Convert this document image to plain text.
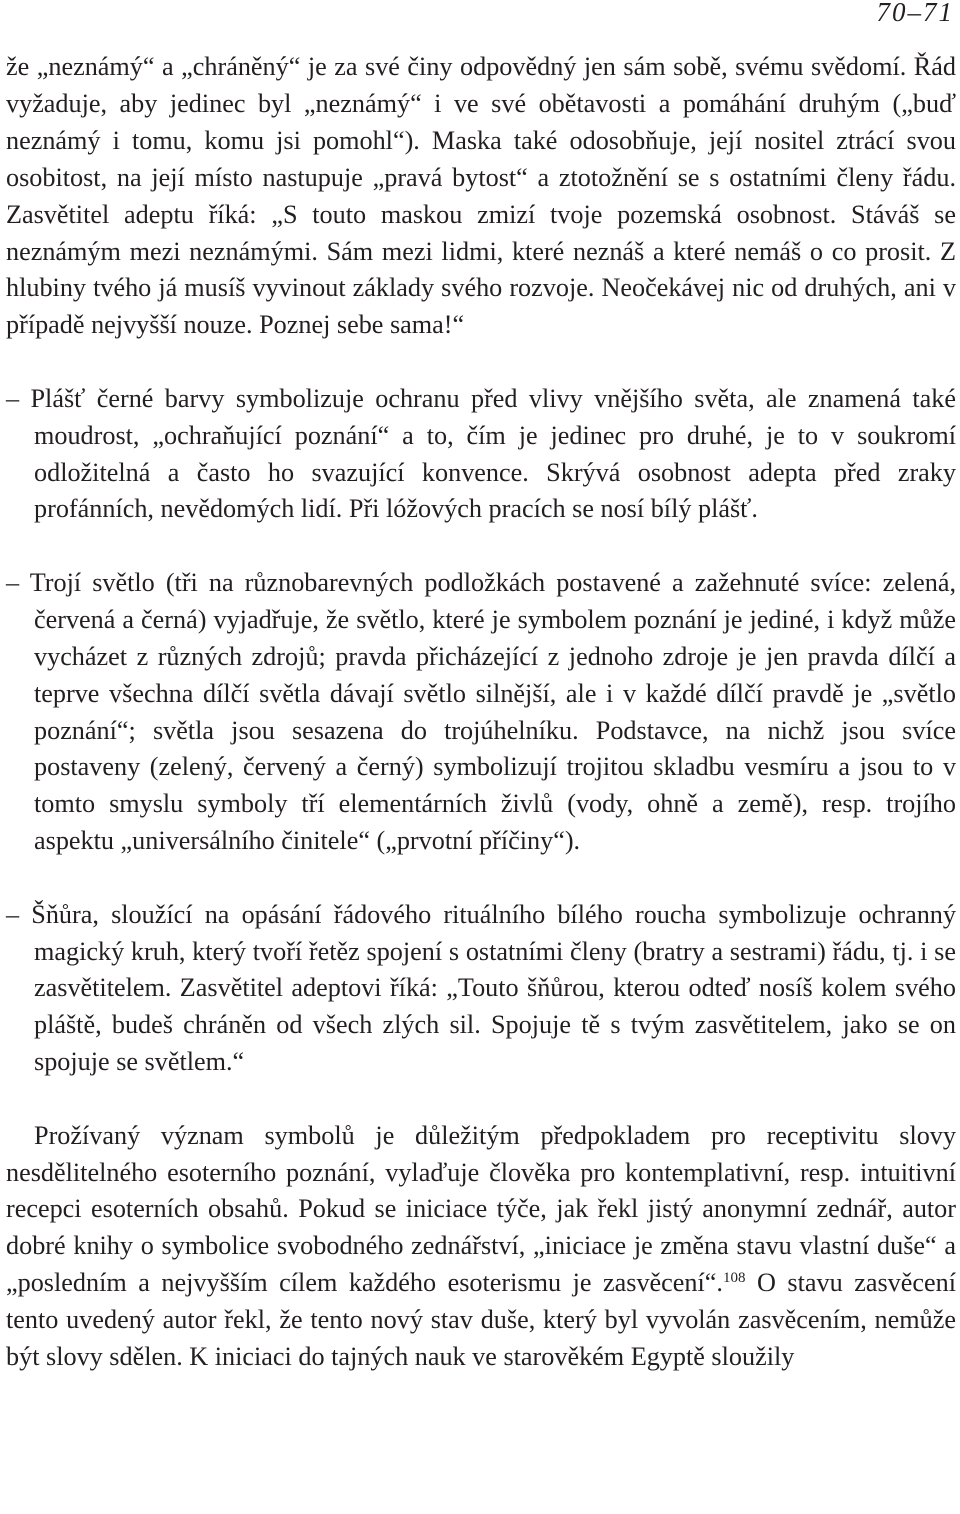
70–71

že „neznámý“ a „chráněný“ je za své činy odpovědný jen sám sobě, svému svědomí. Řád vyžaduje, aby jedinec byl „neznámý“ i ve své obětavosti a pomáhání druhým („buď neznámý i tomu, komu jsi pomohl“). Maska také odosobňuje, její nositel ztrácí svou osobitost, na její místo nastupuje „pravá bytost“ a ztotožnění se s ostatními členy řádu. Zasvětitel adeptu říká: „S touto maskou zmizí tvoje pozemská osobnost. Stáváš se neznámým mezi neznámými. Sám mezi lidmi, které neznáš a které nemáš o co prosit. Z hlubiny tvého já musíš vyvinout základy svého rozvoje. Neočekávej nic od druhých, ani v případě nejvyšší nouze. Poznej sebe sama!“

– Plášť černé barvy symbolizuje ochranu před vlivy vnějšího světa, ale znamená také moudrost, „ochraňující poznání“ a to, čím je jedinec pro druhé, je to v soukromí odložitelná a často ho svazující konvence. Skrývá osobnost adepta před zraky profánních, nevědomých lidí. Při lóžových pracích se nosí bílý plášť.

– Trojí světlo (tři na různobarevných podložkách postavené a zažehnuté svíce: zelená, červená a černá) vyjadřuje, že světlo, které je symbolem poznání je jediné, i když může vycházet z různých zdrojů; pravda přicházející z jednoho zdroje je jen pravda dílčí a teprve všechna dílčí světla dávají světlo silnější, ale i v každé dílčí pravdě je „světlo poznání“; světla jsou sesazena do trojúhelníku. Podstavce, na nichž jsou svíce postaveny (zelený, červený a černý) symbolizují trojitou skladbu vesmíru a jsou to v tomto smyslu symboly tří elementárních živlů (vody, ohně a země), resp. trojího aspektu „universálního činitele“ („prvotní příčiny“).

– Šňůra, sloužící na opásání řádového rituálního bílého roucha symbolizuje ochranný magický kruh, který tvoří řetěz spojení s ostatními členy (bratry a sestrami) řádu, tj. i se zasvětitelem. Zasvětitel adeptovi říká: „Touto šňůrou, kterou odteď nosíš kolem svého pláště, budeš chráněn od všech zlých sil. Spojuje tě s tvým zasvětitelem, jako se on spojuje se světlem.“

Prožívaný význam symbolů je důležitým předpokladem pro receptivitu slovy nesdělitelného esoterního poznání, vylaďuje člověka pro kontemplativní, resp. intuitivní recepci esoterních obsahů. Pokud se iniciace týče, jak řekl jistý anonymní zednář, autor dobré knihy o symbolice svobodného zednářství, „iniciace je změna stavu vlastní duše“ a „posledním a nejvyšším cílem každého esoterismu je zasvěcení“.$^{108}$ O stavu zasvěcení tento uvedený autor řekl, že tento nový stav duše, který byl vyvolán zasvěcením, nemůže být slovy sdělen. K iniciaci do tajných nauk ve starověkém Egyptě sloužily
